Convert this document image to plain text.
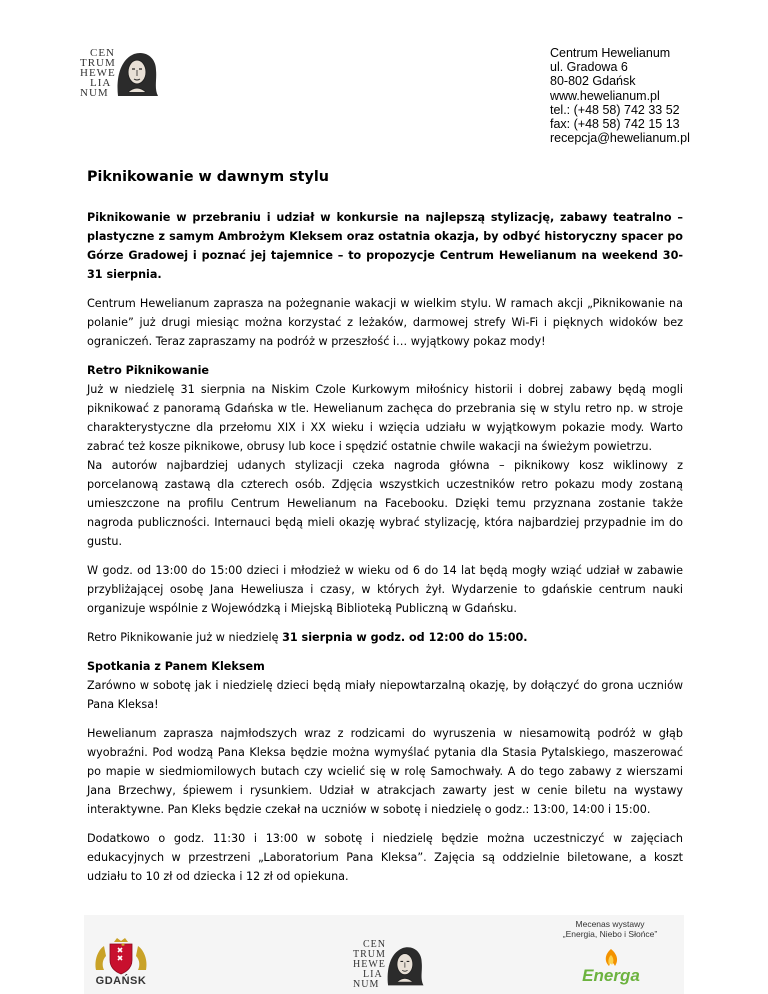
CEN
TRUM
HEWE
LIA
NUM
Centrum Hewelianum
ul. Gradowa 6
80-802 Gdańsk
www.hewelianum.pl
tel.: (+48 58) 742 33 52
fax: (+48 58) 742 15 13
recepcja@hewelianum.pl
Piknikowanie w dawnym stylu
Piknikowanie w przebraniu i udział w konkursie na najlepszą stylizację, zabawy teatralno – plastyczne z samym Ambrożym Kleksem oraz ostatnia okazja, by odbyć historyczny spacer po Górze Gradowej i poznać jej tajemnice – to propozycje Centrum Hewelianum na weekend 30-31 sierpnia.
Centrum Hewelianum zaprasza na pożegnanie wakacji w wielkim stylu. W ramach akcji „Piknikowanie na polanie” już drugi miesiąc można korzystać z leżaków, darmowej strefy Wi-Fi i pięknych widoków bez ograniczeń. Teraz zapraszamy na podróż w przeszłość i… wyjątkowy pokaz mody!
Retro Piknikowanie
Już w niedzielę 31 sierpnia na Niskim Czole Kurkowym miłośnicy historii i dobrej zabawy będą mogli piknikować z panoramą Gdańska w tle. Hewelianum zachęca do przebrania się w stylu retro np. w stroje charakterystyczne dla przełomu XIX i XX wieku i wzięcia udziału w wyjątkowym pokazie mody. Warto zabrać też kosze piknikowe, obrusy lub koce i spędzić ostatnie chwile wakacji na świeżym powietrzu.
Na autorów najbardziej udanych stylizacji czeka nagroda główna – piknikowy kosz wiklinowy z porcelanową zastawą dla czterech osób. Zdjęcia wszystkich uczestników retro pokazu mody zostaną umieszczone na profilu Centrum Hewelianum na Facebooku. Dzięki temu przyznana zostanie także nagroda publiczności. Internauci będą mieli okazję wybrać stylizację, która najbardziej przypadnie im do gustu.
W godz. od 13:00 do 15:00 dzieci i młodzież w wieku od 6 do 14 lat będą mogły wziąć udział w zabawie przybliżającej osobę Jana Heweliusza i czasy, w których żył. Wydarzenie to gdańskie centrum nauki organizuje wspólnie z Wojewódzką i Miejską Biblioteką Publiczną w Gdańsku.
Retro Piknikowanie już w niedzielę 31 sierpnia w godz. od 12:00 do 15:00.
Spotkania z Panem Kleksem
Zarówno w sobotę jak i niedzielę dzieci będą miały niepowtarzalną okazję, by dołączyć do grona uczniów Pana Kleksa!
Hewelianum zaprasza najmłodszych wraz z rodzicami do wyruszenia w niesamowitą podróż w głąb wyobraźni. Pod wodzą Pana Kleksa będzie można wymyślać pytania dla Stasia Pytalskiego, maszerować po mapie w siedmiomilowych butach czy wcielić się w rolę Samochwały. A do tego zabawy z wierszami Jana Brzechwy, śpiewem i rysunkiem. Udział w atrakcjach zawarty jest w cenie biletu na wystawy interaktywne. Pan Kleks będzie czekał na uczniów w sobotę i niedzielę o godz.: 13:00, 14:00 i 15:00.
Dodatkowo o godz. 11:30 i 13:00 w sobotę i niedzielę będzie można uczestniczyć w zajęciach edukacyjnych w przestrzeni „Laboratorium Pana Kleksa”. Zajęcia są oddzielnie biletowane, a koszt udziału to 10 zł od dziecka i 12 zł od opiekuna.
GDAŃSK
CEN
TRUM
HEWE
LIA
NUM
Mecenas wystawy
„Energia, Niebo i Słońce”
Energa
